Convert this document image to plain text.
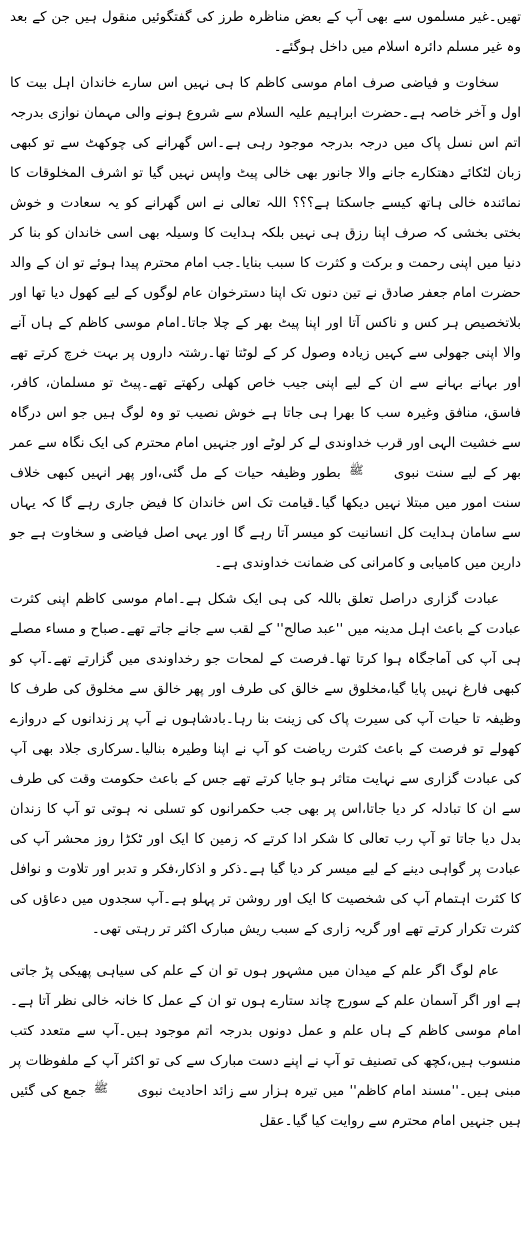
تھیں۔غیر مسلموں سے بھی آپ کے بعض مناظرہ طرز کی گفتگوئیں منقول ہیں جن کے بعد وہ غیر مسلم دائرہ اسلام میں داخل ہوگئے۔

سخاوت و فیاضی صرف امام موسی کاظم کا ہی نہیں اس سارے خاندان اہل بیت کا اول و آخر خاصہ ہے۔حضرت ابراہیم علیہ السلام سے شروع ہونے والی مہمان نوازی بدرجہ اتم اس نسل پاک میں درجہ بدرجہ موجود رہی ہے۔اس گھرانے کی چوکھٹ سے تو کبھی زبان لٹکائے دھتکارے جانے والا جانور بھی خالی پیٹ واپس نہیں گیا تو اشرف المخلوقات کا نمائندہ خالی ہاتھ کیسے جاسکتا ہے؟؟؟ اللہ تعالی نے اس گھرانے کو یہ سعادت و خوش بختی بخشی کہ صرف اپنا رزق ہی نہیں بلکہ ہدایت کا وسیلہ بھی اسی خاندان کو بنا کر دنیا میں اپنی رحمت و برکت و کثرت کا سبب بنایا۔جب امام محترم پیدا ہوئے تو ان کے والد حضرت امام جعفر صادق نے تین دنوں تک اپنا دسترخوان عام لوگوں کے لیے کھول دیا تھا اور بلاتخصیص ہر کس و ناکس آتا اور اپنا پیٹ بھر کے چلا جاتا۔امام موسی کاظم کے ہاں آنے والا اپنی جھولی سے کہیں زیادہ وصول کر کے لوٹتا تھا۔رشتہ داروں پر بہت خرچ کرتے تھے اور بہانے بہانے سے ان کے لیے اپنی جیب خاص کھلی رکھتے تھے۔پیٹ تو مسلمان، کافر، فاسق، منافق وغیرہ سب کا بھرا ہی جاتا ہے خوش نصیب تو وہ لوگ ہیں جو اس درگاہ سے خشیت الہی اور قرب خداوندی لے کر لوٹے اور جنہیں امام محترم کی ایک نگاہ سے عمر بھر کے لیے سنت نبوی ﷺ بطور وظیفہ حیات کے مل گئی،اور پھر انہیں کبھی خلاف سنت امور میں مبتلا نہیں دیکھا گیا۔قیامت تک اس خاندان کا فیض جاری رہے گا کہ یہاں سے سامان ہدایت کل انسانیت کو میسر آتا رہے گا اور یہی اصل فیاضی و سخاوت ہے جو دارین میں کامیابی و کامرانی کی ضمانت خداوندی ہے۔

عبادت گزاری دراصل تعلق باللہ کی ہی ایک شکل ہے۔امام موسی کاظم اپنی کثرت عبادت کے باعث اہل مدینہ میں ''عبد صالح'' کے لقب سے جانے جاتے تھے۔صباح و مساء مصلے ہی آپ کی آماجگاہ ہوا کرتا تھا۔فرصت کے لمحات جو رخداوندی میں گزارتے تھے۔آپ کو کبھی فارغ نہیں پایا گیا،مخلوق سے خالق کی طرف اور پھر خالق سے مخلوق کی طرف کا وظیفہ تا حیات آپ کی سیرت پاک کی زینت بنا رہا۔بادشاہوں نے آپ پر زندانوں کے دروازے کھولے تو فرصت کے باعث کثرت ریاضت کو آپ نے اپنا وطیرہ بنالیا۔سرکاری جلاد بھی آپ کی عبادت گزاری سے نہایت متاثر ہو جایا کرتے تھے جس کے باعث حکومت وقت کی طرف سے ان کا تبادلہ کر دیا جاتا،اس پر بھی جب حکمرانوں کو تسلی نہ ہوتی تو آپ کا زندان بدل دیا جاتا تو آپ رب تعالی کا شکر ادا کرتے کہ زمین کا ایک اور ٹکڑا روز محشر آپ کی عبادت پر گواہی دینے کے لیے میسر کر دیا گیا ہے۔ذکر و اذکار،فکر و تدبر اور تلاوت و نوافل کا کثرت اہتمام آپ کی شخصیت کا ایک اور روشن تر پہلو ہے۔آپ سجدوں میں دعاؤں کی کثرت تکرار کرتے تھے اور گریہ زاری کے سبب ریش مبارک اکثر تر رہتی تھی۔

عام لوگ اگر علم کے میدان میں مشہور ہوں تو ان کے علم کی سیاہی پھیکی پڑ جاتی ہے اور اگر آسمان علم کے سورج چاند ستارے ہوں تو ان کے عمل کا خانہ خالی نظر آتا ہے۔امام موسی کاظم کے ہاں علم و عمل دونوں بدرجہ اتم موجود ہیں۔آپ سے متعدد کتب منسوب ہیں،کچھ کی تصنیف تو آپ نے اپنے دست مبارک سے کی تو اکثر آپ کے ملفوظات پر مبنی ہیں۔''مسند امام کاظم'' میں تیرہ ہزار سے زائد احادیث نبوی ﷺ جمع کی گئیں ہیں جنہیں امام محترم سے روایت کیا گیا۔عقل
